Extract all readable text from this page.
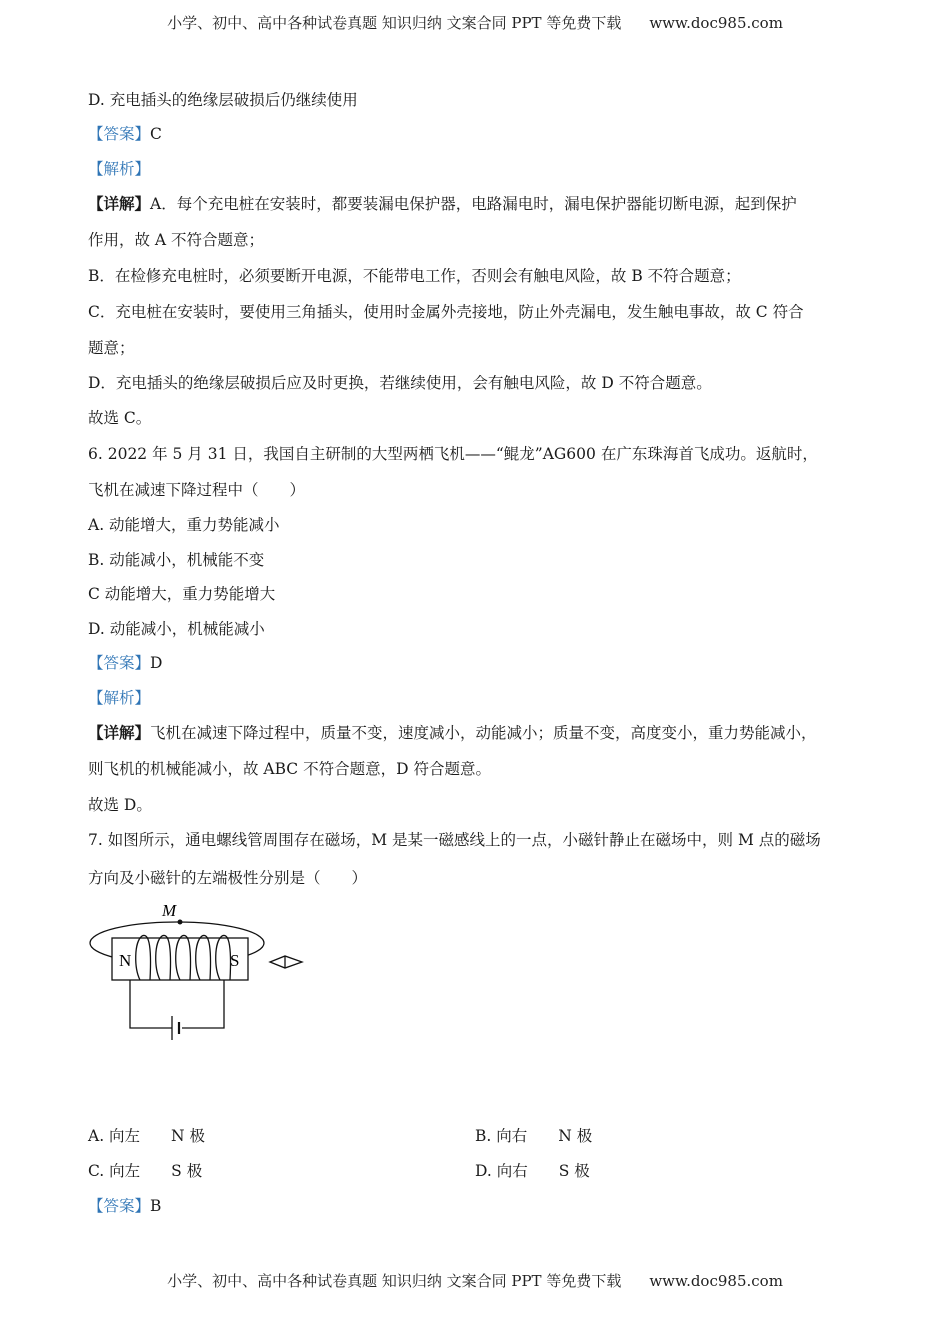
小学、初中、高中各种试卷真题 知识归纳 文案合同 PPT 等免费下载 www.doc985.com
D. 充电插头的绝缘层破损后仍继续使用
【答案】C
【解析】
【详解】A．每个充电桩在安装时，都要装漏电保护器，电路漏电时，漏电保护器能切断电源，起到保护
作用，故 A 不符合题意；
B．在检修充电桩时，必须要断开电源，不能带电工作，否则会有触电风险，故 B 不符合题意；
C．充电桩在安装时，要使用三角插头，使用时金属外壳接地，防止外壳漏电，发生触电事故，故 C 符合
题意；
D．充电插头的绝缘层破损后应及时更换，若继续使用，会有触电风险，故 D 不符合题意。
故选 C。
6. 2022 年 5 月 31 日，我国自主研制的大型两栖飞机——“鲲龙”AG600 在广东珠海首飞成功。返航时，
飞机在减速下降过程中（　　）
A. 动能增大，重力势能减小
B. 动能减小，机械能不变
C 动能增大，重力势能增大
D. 动能减小，机械能减小
【答案】D
【解析】
【详解】飞机在减速下降过程中，质量不变，速度减小，动能减小；质量不变，高度变小，重力势能减小，
则飞机的机械能减小，故 ABC 不符合题意，D 符合题意。
故选 D。
7. 如图所示，通电螺线管周围存在磁场，M 是某一磁感线上的一点，小磁针静止在磁场中，则 M 点的磁场
方向及小磁针的左端极性分别是（　　）
M
N	S
A. 向左　　N 极	B. 向右　　N 极
C. 向左　　S 极	D. 向右　　S 极
【答案】B
小学、初中、高中各种试卷真题 知识归纳 文案合同 PPT 等免费下载 www.doc985.com
